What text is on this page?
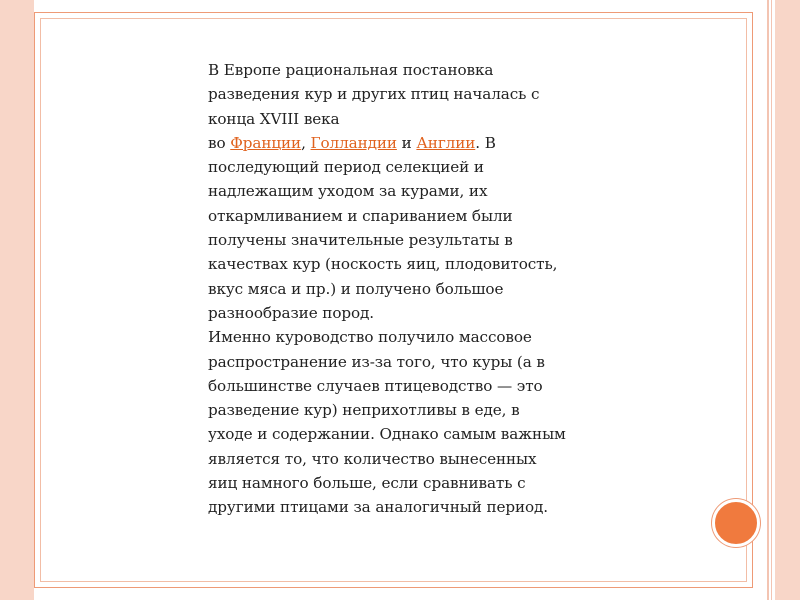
В Европе рациональная постановка
разведения кур и других птиц началась с
конца XVIII века
во Франции, Голландии и Англии. В
последующий период селекцией и
надлежащим уходом за курами, их
откармливанием и спариванием были
получены значительные результаты в
качествах кур (носкость яиц, плодовитость,
вкус мяса и пр.) и получено большое
разнообразие пород.

Именно куроводство получило массовое
распространение из-за того, что куры (а в
большинстве случаев птицеводство — это
разведение кур) неприхотливы в еде, в
уходе и содержании. Однако самым важным
является то, что количество вынесенных
яиц намного больше, если сравнивать с
другими птицами за аналогичный период.
